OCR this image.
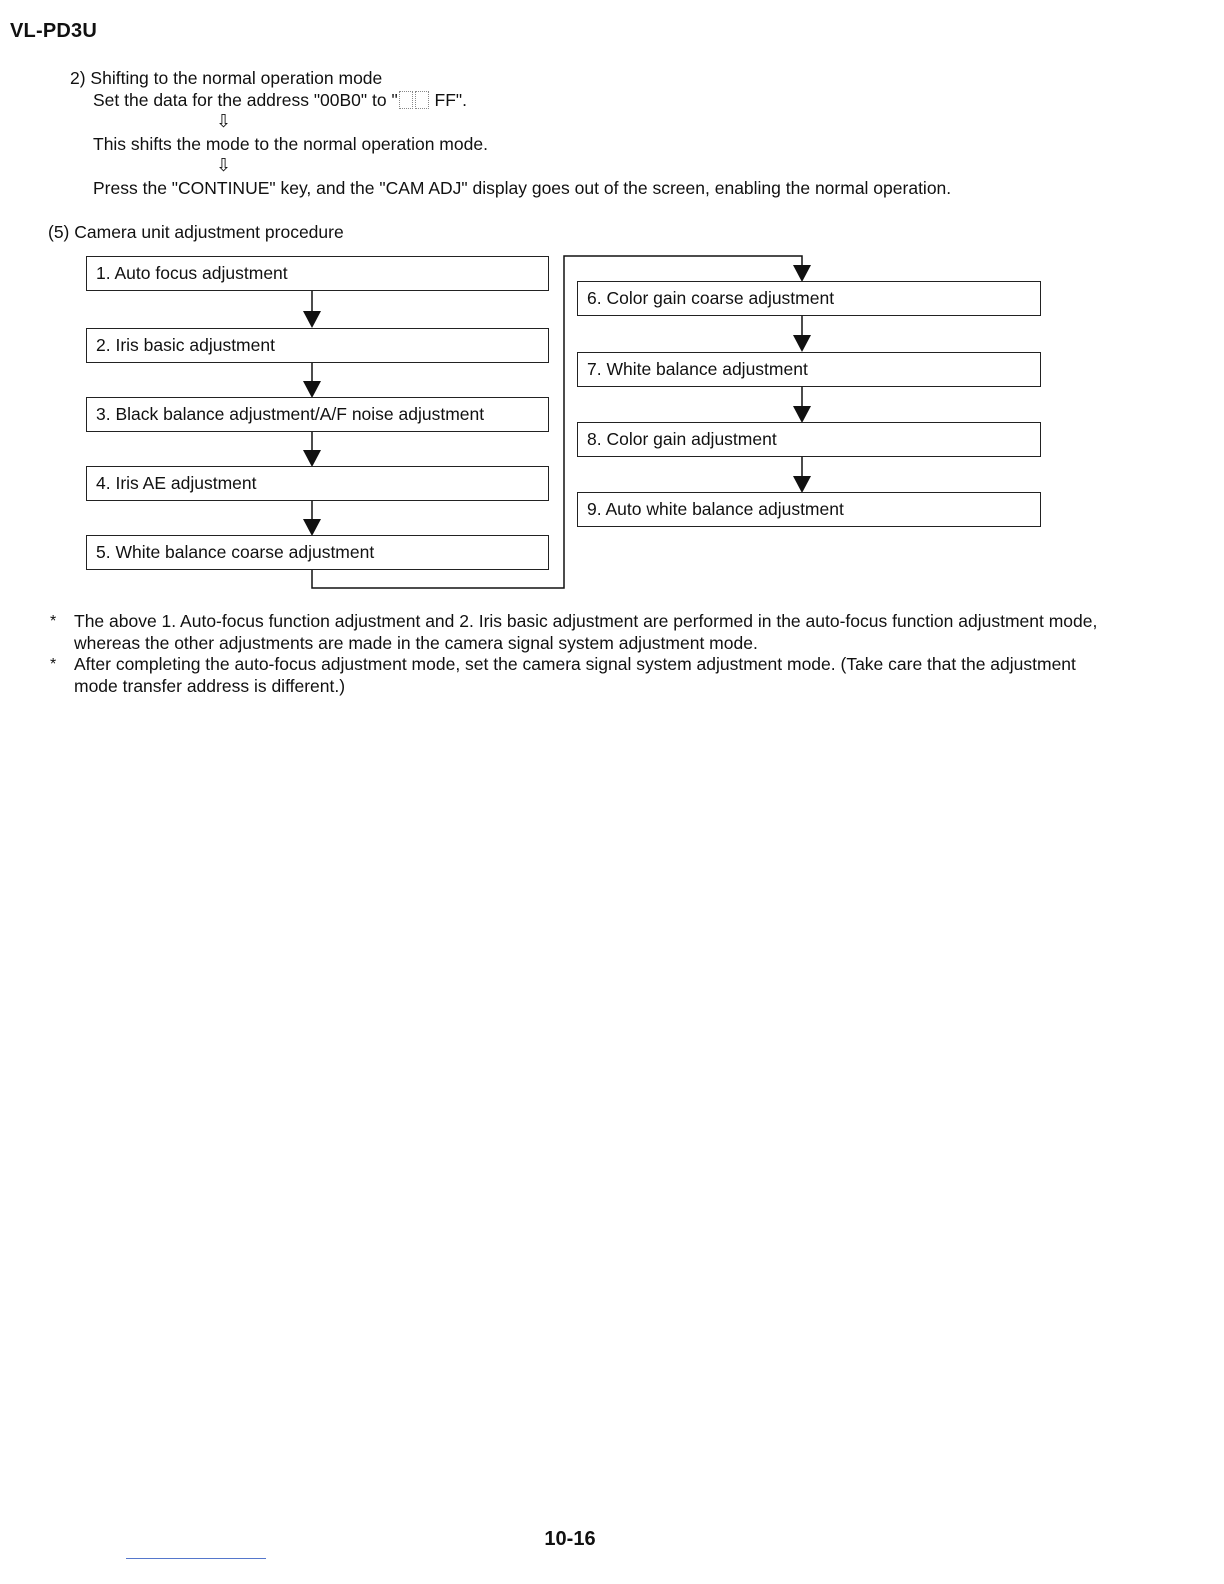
VL-PD3U
2) Shifting to the normal operation mode
Set the data for the address "00B0" to " FF".
⇩
This shifts the mode to the normal operation mode.
⇩
Press the "CONTINUE" key, and the "CAM ADJ" display goes out of the screen, enabling the normal operation.
(5) Camera unit adjustment procedure
1. Auto focus adjustment
2. Iris basic adjustment
3. Black balance adjustment/A/F noise adjustment
4. Iris AE adjustment
5. White balance coarse adjustment
6. Color gain coarse adjustment
7. White balance adjustment
8. Color gain adjustment
9. Auto white balance adjustment
* The above 1. Auto-focus function adjustment and 2. Iris basic adjustment are performed in the auto-focus function adjustment mode, whereas the other adjustments are made in the camera signal system adjustment mode.
* After completing the auto-focus adjustment mode, set the camera signal system adjustment mode. (Take care that the adjustment mode transfer address is different.)
10-16
